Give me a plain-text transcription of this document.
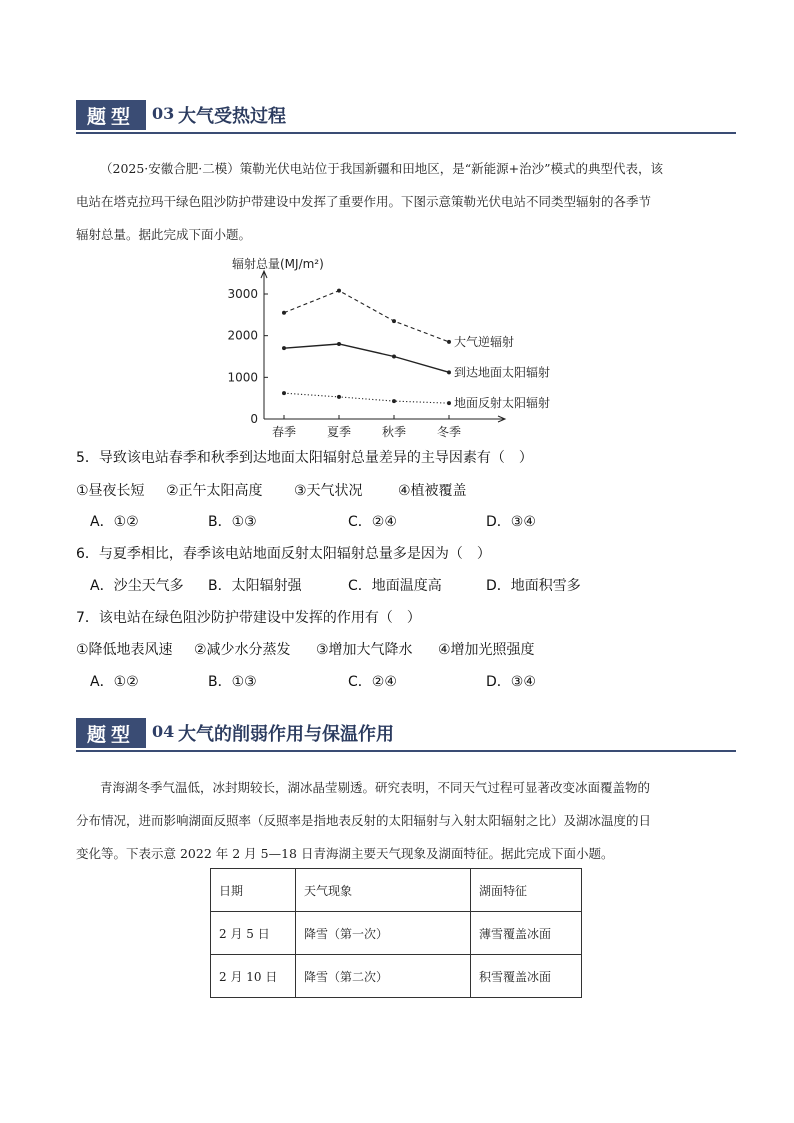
题型	03 大气受热过程
（2025·安徽合肥·二模）策勒光伏电站位于我国新疆和田地区，是“新能源+治沙”模式的典型代表，该
电站在塔克拉玛干绿色阻沙防护带建设中发挥了重要作用。下图示意策勒光伏电站不同类型辐射的各季节
辐射总量。据此完成下面小题。
辐射总量(MJ/m²)
0
1000
2000
3000
春季	夏季	秋季	冬季
大气逆辐射
到达地面太阳辐射
地面反射太阳辐射
5．导致该电站春季和秋季到达地面太阳辐射总量差异的主导因素有（　）
①昼夜长短 ②正午太阳高度 ③天气状况	④植被覆盖
A．①②	B．①③	C．②④	D．③④
6．与夏季相比，春季该电站地面反射太阳辐射总量多是因为（　）
A．沙尘天气多 B．太阳辐射强	C．地面温度高	D．地面积雪多
7．该电站在绿色阻沙防护带建设中发挥的作用有（　）
①降低地表风速 ②减少水分蒸发 ③增加大气降水 ④增加光照强度
A．①②	B．①③	C．②④	D．③④
题型	04 大气的削弱作用与保温作用
青海湖冬季气温低，冰封期较长，湖冰晶莹剔透。研究表明，不同天气过程可显著改变冰面覆盖物的
分布情况，进而影响湖面反照率（反照率是指地表反射的太阳辐射与入射太阳辐射之比）及湖冰温度的日
变化等。下表示意 2022 年 2 月 5—18 日青海湖主要天气现象及湖面特征。据此完成下面小题。
日期	天气现象	湖面特征
2 月 5 日	降雪（第一次）	薄雪覆盖冰面
2 月 10 日	降雪（第二次）	积雪覆盖冰面
